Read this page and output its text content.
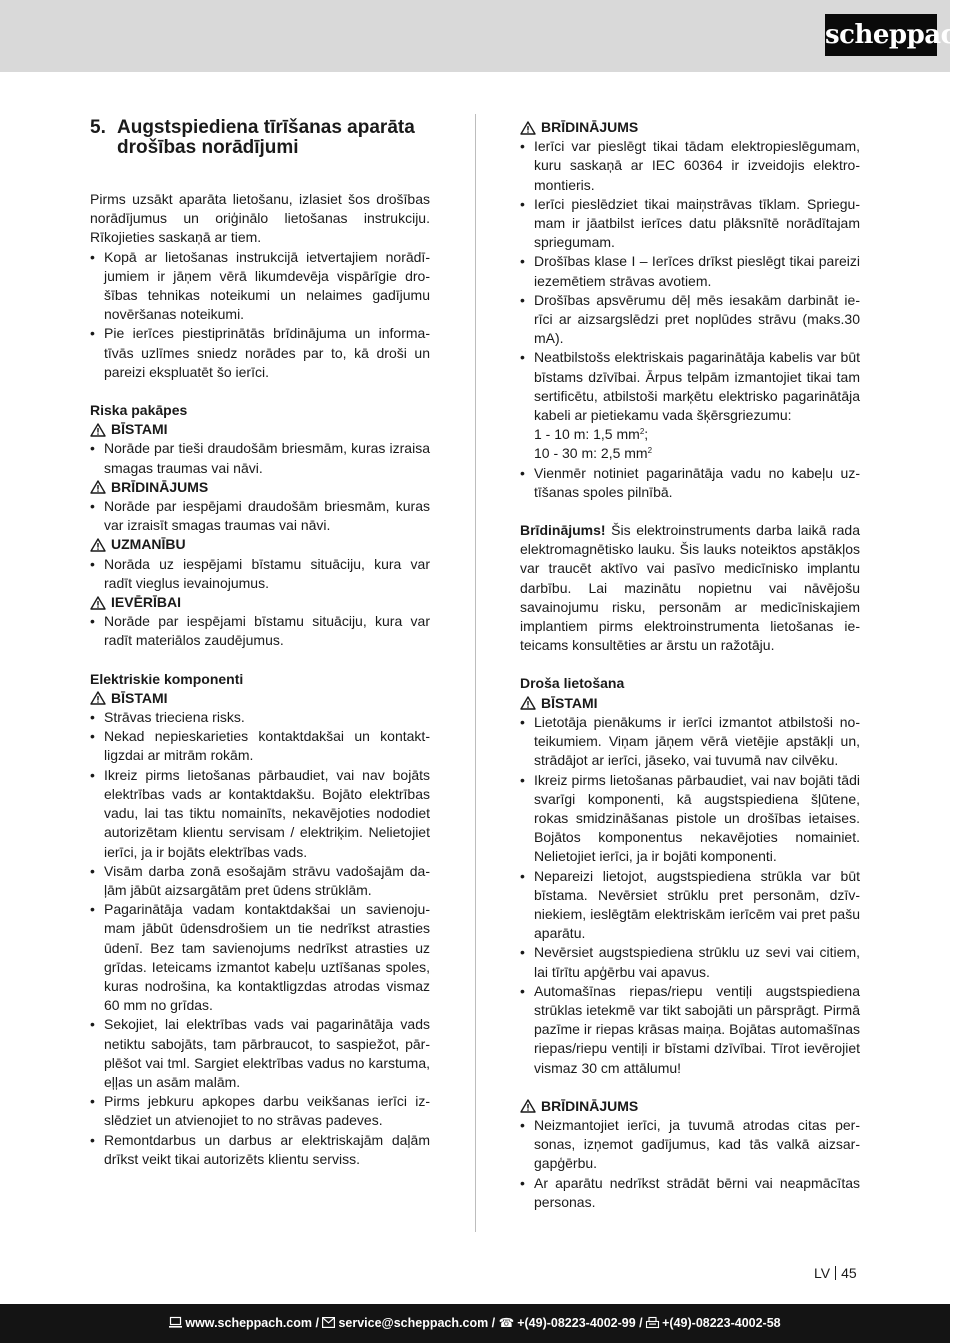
scheppach
5. Augstspiediena tīrīšanas aparāta drošības norādījumi

Pirms uzsākt aparāta lietošanu, izlasiet šos drošības norādījumus un oriģinālo lietošanas instrukciju. Rīkojieties saskaņā ar tiem.

• Kopā ar lietošanas instrukcijā ietvertajiem norādījumiem ir jāņem vērā likumdevēja vispārīgie drošības tehnikas noteikumi un nelaimes gadījumu novēršanas noteikumi.
• Pie ierīces piestiprinātās brīdinājuma un informatīvās uzlīmes sniedz norādes par to, kā droši un pareizi ekspluatēt šo ierīci.

Riska pakāpes

BĪSTAMI

• Norāde par tieši draudošām briesmām, kuras izraisa smagas traumas vai nāvi.

BRĪDINĀJUMS

• Norāde par iespējami draudošām briesmām, kuras var izraisīt smagas traumas vai nāvi.

UZMANĪBU

• Norāda uz iespējami bīstamu situāciju, kura var radīt vieglus ievainojumus.

IEVĒRĪBAI

• Norāde par iespējami bīstamu situāciju, kura var radīt materiālos zaudējumus.

Elektriskie komponenti

BĪSTAMI

• Strāvas trieciena risks.
• Nekad nepieskarieties kontaktdakšai un kontaktligzdai ar mitrām rokām.
• Ikreiz pirms lietošanas pārbaudiet, vai nav bojāts elektrības vads ar kontaktdakšu. Bojāto elektrības vadu, lai tas tiktu nomainīts, nekavējoties nododiet autorizētam klientu servisam / elektriķim. Nelietojiet ierīci, ja ir bojāts elektrības vads.
• Visām darba zonā esošajām strāvu vadošajām daļām jābūt aizsargātām pret ūdens strūklām.
• Pagarinātāja vadam kontaktdakšai un savienojumam jābūt ūdensdrošiem un tie nedrīkst atrasties ūdenī. Bez tam savienojums nedrīkst atrasties uz grīdas. Ieteicams izmantot kabeļu uztīšanas spoles, kuras nodrošina, ka kontaktligzdas atrodas vismaz 60 mm no grīdas.
• Sekojiet, lai elektrības vads vai pagarinātāja vads netiktu sabojāts, tam pārbraucot, to saspiežot, pārplēšot vai tml. Sargiet elektrības vadus no karstuma, eļļas un asām malām.
• Pirms jebkuru apkopes darbu veikšanas ierīci izslēdziet un atvienojiet to no strāvas padeves.
• Remontdarbus un darbus ar elektriskajām daļām drīkst veikt tikai autorizēts klientu serviss.

BRĪDINĀJUMS

• Ierīci var pieslēgt tikai tādam elektropieslēgumam, kuru saskaņā ar IEC 60364 ir izveidojis elektromontieris.
• Ierīci pieslēdziet tikai maiņstrāvas tīklam. Spriegumam ir jāatbilst ierīces datu plāksnītē norādītajam spriegumam.
• Drošības klase I – Ierīces drīkst pieslēgt tikai pareizi iezemētiem strāvas avotiem.
• Drošības apsvērumu dēļ mēs iesakām darbināt ierīci ar aizsargslēdzi pret noplūdes strāvu (maks.30 mA).
• Neatbilstošs elektriskais pagarinātāja kabelis var būt bīstams dzīvībai. Ārpus telpām izmantojiet tikai tam sertificētu, atbilstoši marķētu elektrisko pagarinātāja kabeli ar pietiekamu vada šķērsgriezumu:
1 - 10 m: 1,5 $mm^2$;
10 - 30 m: 2,5 $mm^2$
• Vienmēr notiniet pagarinātāja vadu no kabeļu uztīšanas spoles pilnībā.

Brīdinājums! Šis elektroinstruments darba laikā rada elektromagnētisko lauku. Šis lauks noteiktos apstākļos var traucēt aktīvo vai pasīvo medicīnisko implantu darbību. Lai mazinātu nopietnu vai nāvējošu savainojumu risku, personām ar medicīniskajiem implantiem pirms elektroinstrumenta lietošanas ieteicams konsultēties ar ārstu un ražotāju.

Droša lietošana

BĪSTAMI

• Lietotāja pienākums ir ierīci izmantot atbilstoši noteikumiem. Viņam jāņem vērā vietējie apstākļi un, strādājot ar ierīci, jāseko, vai tuvumā nav cilvēku.
• Ikreiz pirms lietošanas pārbaudiet, vai nav bojāti tādi svarīgi komponenti, kā augstspiediena šļūtene, rokas smidzināšanas pistole un drošības ietaises. Bojātos komponentus nekavējoties nomainiet. Nelietojiet ierīci, ja ir bojāti komponenti.
• Nepareizi lietojot, augstspiediena strūkla var būt bīstama. Nevērsiet strūklu pret personām, dzīvniekiem, ieslēgtām elektriskām ierīcēm vai pret pašu aparātu.
• Nevērsiet augstspiediena strūklu uz sevi vai citiem, lai tīrītu apģērbu vai apavus.
• Automašīnas riepas/riepu ventiļi augstspiediena strūklas ietekmē var tikt sabojāti un pārsprāgt. Pirmā pazīme ir riepas krāsas maiņa. Bojātas automašīnas riepas/riepu ventiļi ir bīstami dzīvībai. Tīrot ievērojiet vismaz 30 cm attālumu!

BRĪDINĀJUMS

• Neizmantojiet ierīci, ja tuvumā atrodas citas personas, izņemot gadījumus, kad tās valkā aizsargapģērbu.
• Ar aparātu nedrīkst strādāt bērni vai neapmācītas personas.
LV 45
www.scheppach.com / service@scheppach.com / ☎ +(49)-08223-4002-99 / +(49)-08223-4002-58
